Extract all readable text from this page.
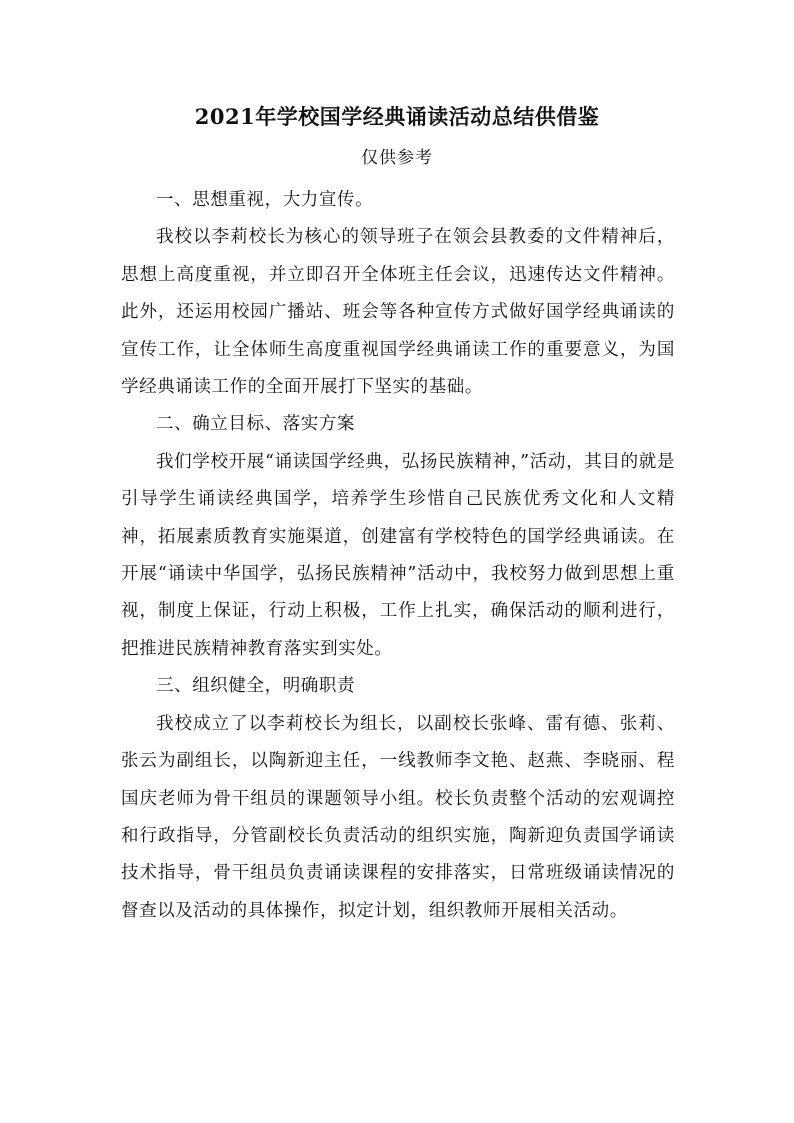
2021年学校国学经典诵读活动总结供借鉴
仅供参考

一、思想重视，大力宣传。

我校以李莉校长为核心的领导班子在领会县教委的文件精神后，思想上高度重视，并立即召开全体班主任会议，迅速传达文件精神。此外，还运用校园广播站、班会等各种宣传方式做好国学经典诵读的宣传工作，让全体师生高度重视国学经典诵读工作的重要意义，为国学经典诵读工作的全面开展打下坚实的基础。

二、确立目标、落实方案

我们学校开展“诵读国学经典，弘扬民族精神，”活动，其目的就是引导学生诵读经典国学，培养学生珍惜自己民族优秀文化和人文精神，拓展素质教育实施渠道，创建富有学校特色的国学经典诵读。在开展“诵读中华国学，弘扬民族精神”活动中，我校努力做到思想上重视，制度上保证，行动上积极，工作上扎实，确保活动的顺利进行，把推进民族精神教育落实到实处。

三、组织健全，明确职责

我校成立了以李莉校长为组长，以副校长张峰、雷有德、张莉、张云为副组长，以陶新迎主任，一线教师李文艳、赵燕、李晓丽、程国庆老师为骨干组员的课题领导小组。校长负责整个活动的宏观调控和行政指导，分管副校长负责活动的组织实施，陶新迎负责国学诵读技术指导，骨干组员负责诵读课程的安排落实，日常班级诵读情况的督查以及活动的具体操作，拟定计划，组织教师开展相关活动。
